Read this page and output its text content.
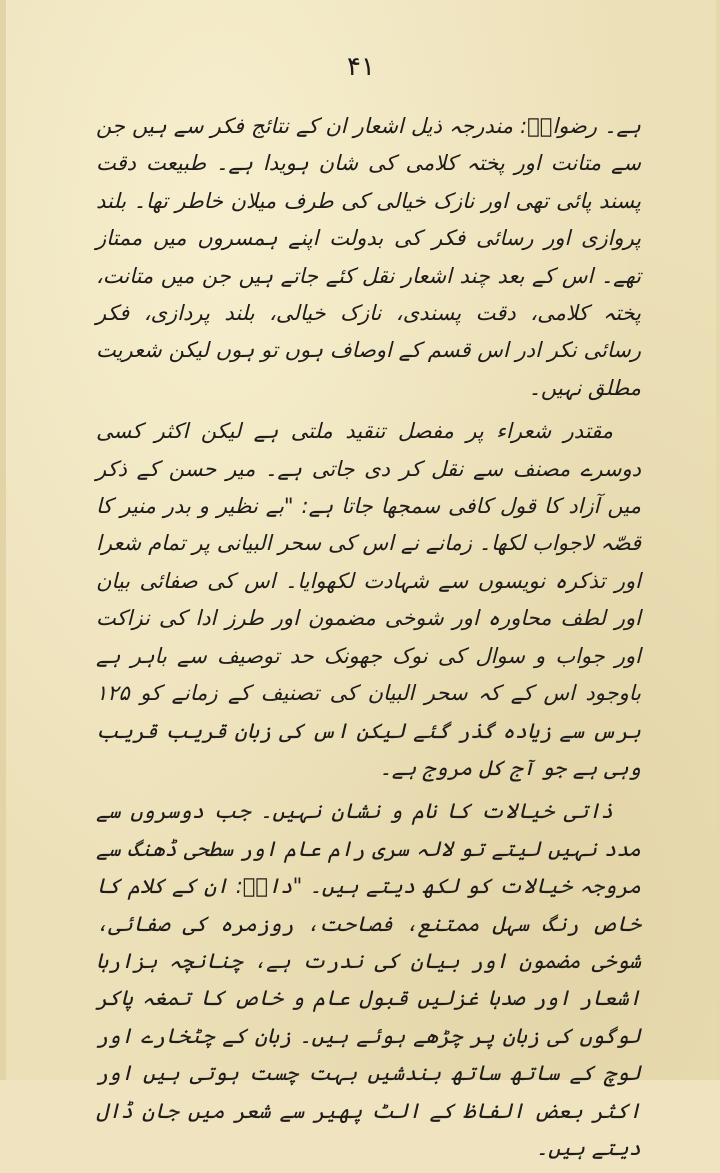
۴۱

ہے۔ رضوانؔ: مندرجہ ذیل اشعار ان کے نتائج فکر سے ہیں جن سے متانت اور پختہ کلامی کی شان ہویدا ہے۔ طبیعت دقت پسند پائی تھی اور نازک خیالی کی طرف میلان خاطر تھا۔ بلند پروازی اور رسائی فکر کی بدولت اپنے ہمسروں میں ممتاز تھے۔ اس کے بعد چند اشعار نقل کئے جاتے ہیں جن میں متانت، پختہ کلامی، دقت پسندی، نازک خیالی، بلند پردازی، فکر رسائی نکر ادر اس قسم کے اوصاف ہوں تو ہوں لیکن شعریت مطلق نہیں۔

مقتدر شعراء پر مفصل تنقید ملتی ہے لیکن اکثر کسی دوسرے مصنف سے نقل کر دی جاتی ہے۔ میر حسن کے ذکر میں آزاد کا قول کافی سمجھا جاتا ہے: "بے نظیر و بدر منیر کا قصّہ لاجواب لکھا۔ زمانے نے اس کی سحر البیانی پر تمام شعرا اور تذکرہ نویسوں سے شہادت لکھوایا۔ اس کی صفائی بیان اور لطف محاورہ اور شوخی مضمون اور طرز ادا کی نزاکت اور جواب و سوال کی نوک جھونک حد توصیف سے باہر ہے باوجود اس کے کہ سحر البیان کی تصنیف کے زمانے کو ۱۲۵ برس سے زیادہ گذر گئے لیکن اس کی زبان قریب قریب وہی ہے جو آج کل مروج ہے۔

ذاتی خیالات کا نام و نشان نہیں۔ جب دوسروں سے مدد نہیں لیتے تو لالہ سری رام عام اور سطحی ڈھنگ سے مروجہ خیالات کو لکھ دیتے ہیں۔ "داغؔ: ان کے کلام کا خاص رنگ سہل ممتنع، فصاحت، روزمرہ کی صفائی، شوخی مضمون اور بیان کی ندرت ہے، چنانچہ ہزارہا اشعار اور صدہا غزلیں قبول عام و خاص کا تمغہ پاکر لوگوں کی زبان پر چڑھے ہوئے ہیں۔ زبان کے چٹخارے اور لوچ کے ساتھ ساتھ بندشیں بہت چست ہوتی ہیں اور اکثر بعض الفاظ کے الٹ پھیر سے شعر میں جان ڈال دیتے ہیں۔
